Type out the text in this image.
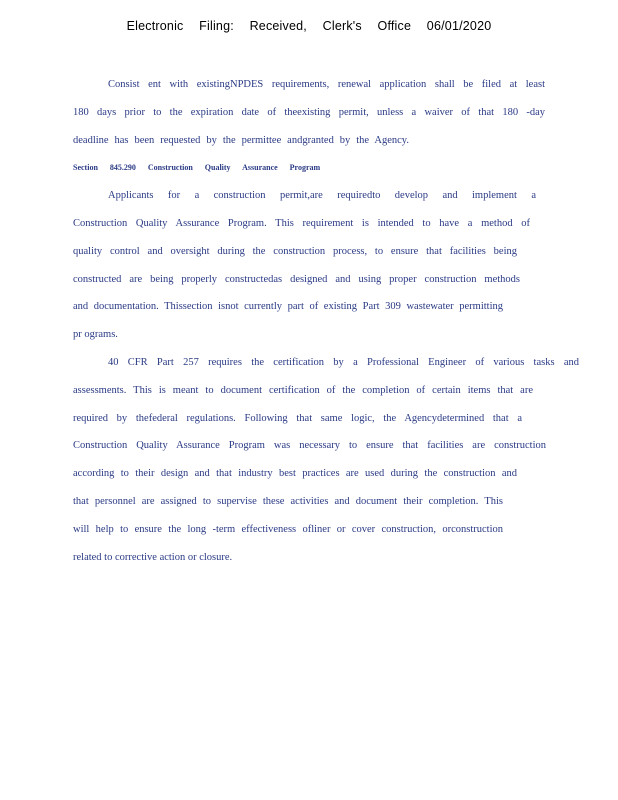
Electronic Filing: Received, Clerk's Office 06/01/2020
Consist ent with existingNPDES requirements, renewal application shall be filed at least
180 days prior to the expiration date of theexisting permit, unless a waiver of that 180 -day
deadline has been requested by the permittee andgranted by the Agency.
Section 845.290 Construction Quality Assurance Program
Applicants for a construction permit,are requiredto develop and implement a
Construction Quality Assurance Program. This requirement is intended to have a method of
quality control and oversight during the construction process, to ensure that facilities being
constructed are being properly constructedas designed and using proper construction methods
and documentation. Thissection isnot currently part of existing Part 309 wastewater permitting
pr ograms.
40 CFR Part 257 requires the certification by a Professional Engineer of various tasks and
assessments. This is meant to document certification of the completion of certain items that are
required by thefederal regulations. Following that same logic, the Agencydetermined that a
Construction Quality Assurance Program was necessary to ensure that facilities are construction
according to their design and that industry best practices are used during the construction and
that personnel are assigned to supervise these activities and document their completion. This
will help to ensure the long -term effectiveness ofliner or cover construction, orconstruction
related to corrective action or closure.
